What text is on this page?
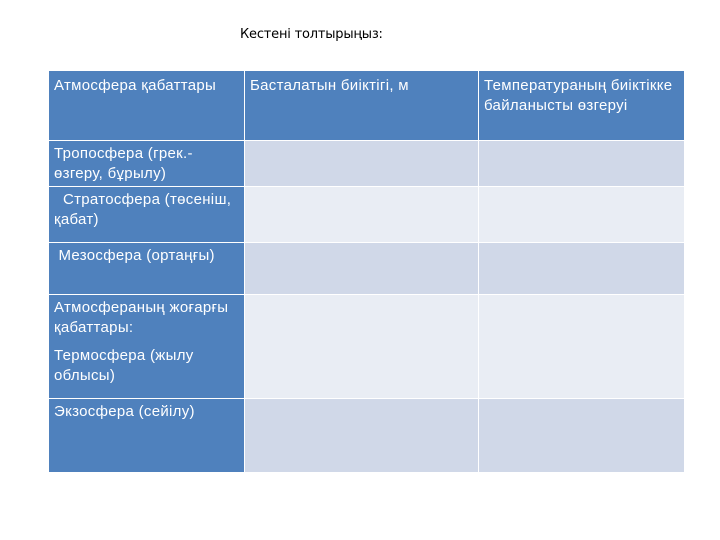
Кестені толтырыңыз:
Атмосфера қабаттары	Басталатын биіктігі, м	Температураның биіктікке байланысты өзгеруі
Тропосфера (грек.- өзгеру, бұрылу)		

Стратосфера (төсеніш, қабат)		

Мезосфера (ортаңғы)		

Атмосфераның жоғарғы қабаттары:
Термосфера (жылу облысы)		

Экзосфера (сейілу)		
